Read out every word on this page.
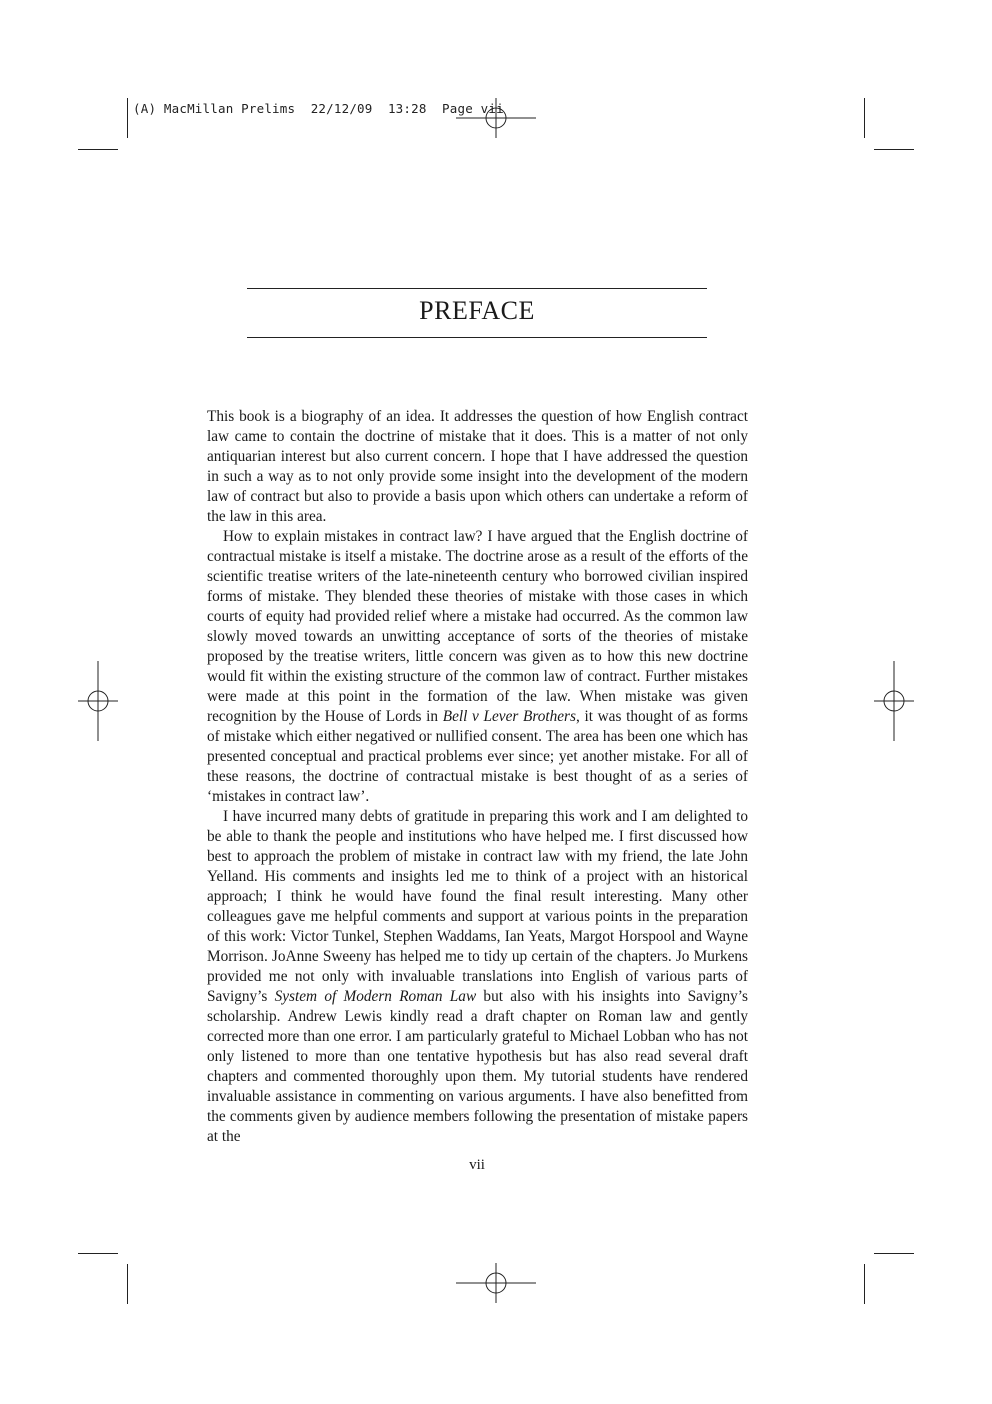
(A) MacMillan Prelims  22/12/09  13:28  Page vii
PREFACE

This book is a biography of an idea. It addresses the question of how English contract law came to contain the doctrine of mistake that it does. This is a matter of not only antiquarian interest but also current concern. I hope that I have addressed the question in such a way as to not only provide some insight into the development of the modern law of contract but also to provide a basis upon which others can undertake a reform of the law in this area.

How to explain mistakes in contract law? I have argued that the English doctrine of contractual mistake is itself a mistake. The doctrine arose as a result of the efforts of the scientific treatise writers of the late-nineteenth century who borrowed civilian inspired forms of mistake. They blended these theories of mistake with those cases in which courts of equity had provided relief where a mistake had occurred. As the common law slowly moved towards an unwitting acceptance of sorts of the theories of mistake proposed by the treatise writers, little concern was given as to how this new doctrine would fit within the existing structure of the common law of contract. Further mistakes were made at this point in the formation of the law. When mistake was given recognition by the House of Lords in Bell v Lever Brothers, it was thought of as forms of mistake which either negatived or nullified consent. The area has been one which has presented conceptual and practical problems ever since; yet another mistake. For all of these reasons, the doctrine of contractual mistake is best thought of as a series of ‘mistakes in contract law’.

I have incurred many debts of gratitude in preparing this work and I am delighted to be able to thank the people and institutions who have helped me. I first discussed how best to approach the problem of mistake in contract law with my friend, the late John Yelland. His comments and insights led me to think of a project with an historical approach; I think he would have found the final result interesting. Many other colleagues gave me helpful comments and support at various points in the preparation of this work: Victor Tunkel, Stephen Waddams, Ian Yeats, Margot Horspool and Wayne Morrison. JoAnne Sweeny has helped me to tidy up certain of the chapters. Jo Murkens provided me not only with invaluable translations into English of various parts of Savigny’s System of Modern Roman Law but also with his insights into Savigny’s scholarship. Andrew Lewis kindly read a draft chapter on Roman law and gently corrected more than one error. I am particularly grateful to Michael Lobban who has not only listened to more than one tentative hypothesis but has also read several draft chapters and commented thoroughly upon them. My tutorial students have rendered invaluable assistance in commenting on various arguments. I have also benefitted from the comments given by audience members following the presentation of mistake papers at the

vii
